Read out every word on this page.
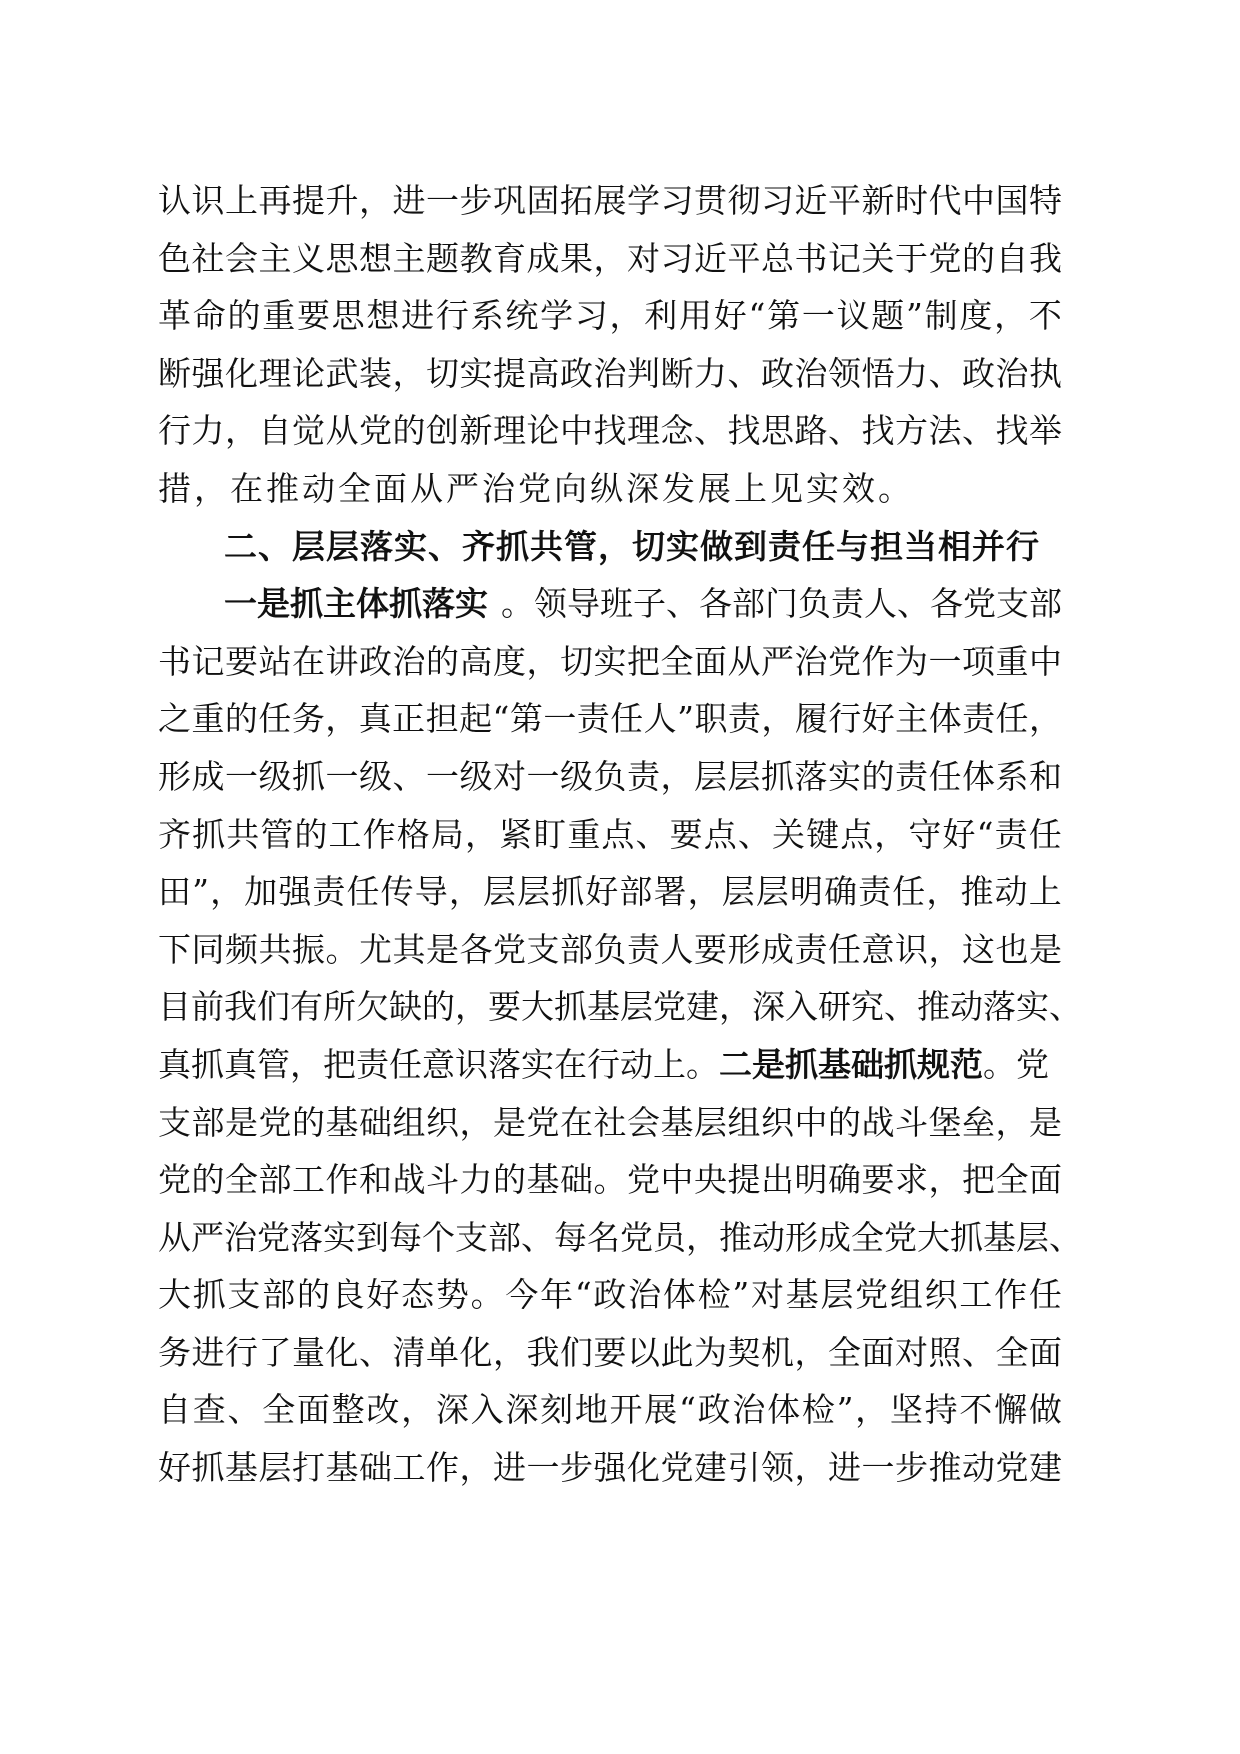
认 识 上 再 提 升 ， 进 一 步 巩 固 拓 展 学 习 贯 彻 习 近 平 新 时 代 中 国 特
色 社 会 主 义 思 想 主 题 教 育 成 果 ， 对 习 近 平 总 书 记 关 于 党 的 自 我
革 命 的 重 要 思 想 进 行 系 统 学 习 ， 利 用 好 “ 第 一 议 题 ” 制 度 ， 不
断 强 化 理 论 武 装 ， 切 实 提 高 政 治 判 断 力 、 政 治 领 悟 力 、 政 治 执
行 力 ， 自 觉 从 党 的 创 新 理 论 中 找 理 念 、 找 思 路 、 找 方 法 、 找 举
措，在推动全面从严治党向纵深发展上见实效。
二、层层落实、齐抓共管，切实做到责任与担当相并行
一是抓主体抓落实 。领导班子、各部门负责人、各党支部
书 记 要 站 在 讲 政 治 的 高 度 ， 切 实 把 全 面 从 严 治 党 作 为 一 项 重 中
之 重 的 任 务 ， 真 正 担 起 “ 第 一 责 任 人 ” 职 责 ， 履 行 好 主 体 责 任 ，
形 成 一 级 抓 一 级 、 一 级 对 一 级 负 责 ， 层 层 抓 落 实 的 责 任 体 系 和
齐 抓 共 管 的 工 作 格 局 ， 紧 盯 重 点 、 要 点 、 关 键 点 ， 守 好 “ 责 任
田 ” ， 加 强 责 任 传 导 ， 层 层 抓 好 部 署 ， 层 层 明 确 责 任 ， 推 动 上
下 同 频 共 振 。 尤 其 是 各 党 支 部 负 责 人 要 形 成 责 任 意 识 ， 这 也 是
目 前 我 们 有 所 欠 缺 的 ， 要 大 抓 基 层 党 建 ， 深 入 研 究 、 推 动 落 实 、
真抓真管，把责任意识落实在行动上。 二是抓基础抓规范 。党
支 部 是 党 的 基 础 组 织 ， 是 党 在 社 会 基 层 组 织 中 的 战 斗 堡 垒 ， 是
党 的 全 部 工 作 和 战 斗 力 的 基 础 。 党 中 央 提 出 明 确 要 求 ， 把 全 面
从 严 治 党 落 实 到 每 个 支 部 、 每 名 党 员 ， 推 动 形 成 全 党 大 抓 基 层 、
大 抓 支 部 的 良 好 态 势 。 今 年 “ 政 治 体 检 ” 对 基 层 党 组 织 工 作 任
务 进 行 了 量 化 、 清 单 化 ， 我 们 要 以 此 为 契 机 ， 全 面 对 照 、 全 面
自 查 、 全 面 整 改 ， 深 入 深 刻 地 开 展 “ 政 治 体 检 ” ， 坚 持 不 懈 做
好 抓 基 层 打 基 础 工 作 ， 进 一 步 强 化 党 建 引 领 ， 进 一 步 推 动 党 建
